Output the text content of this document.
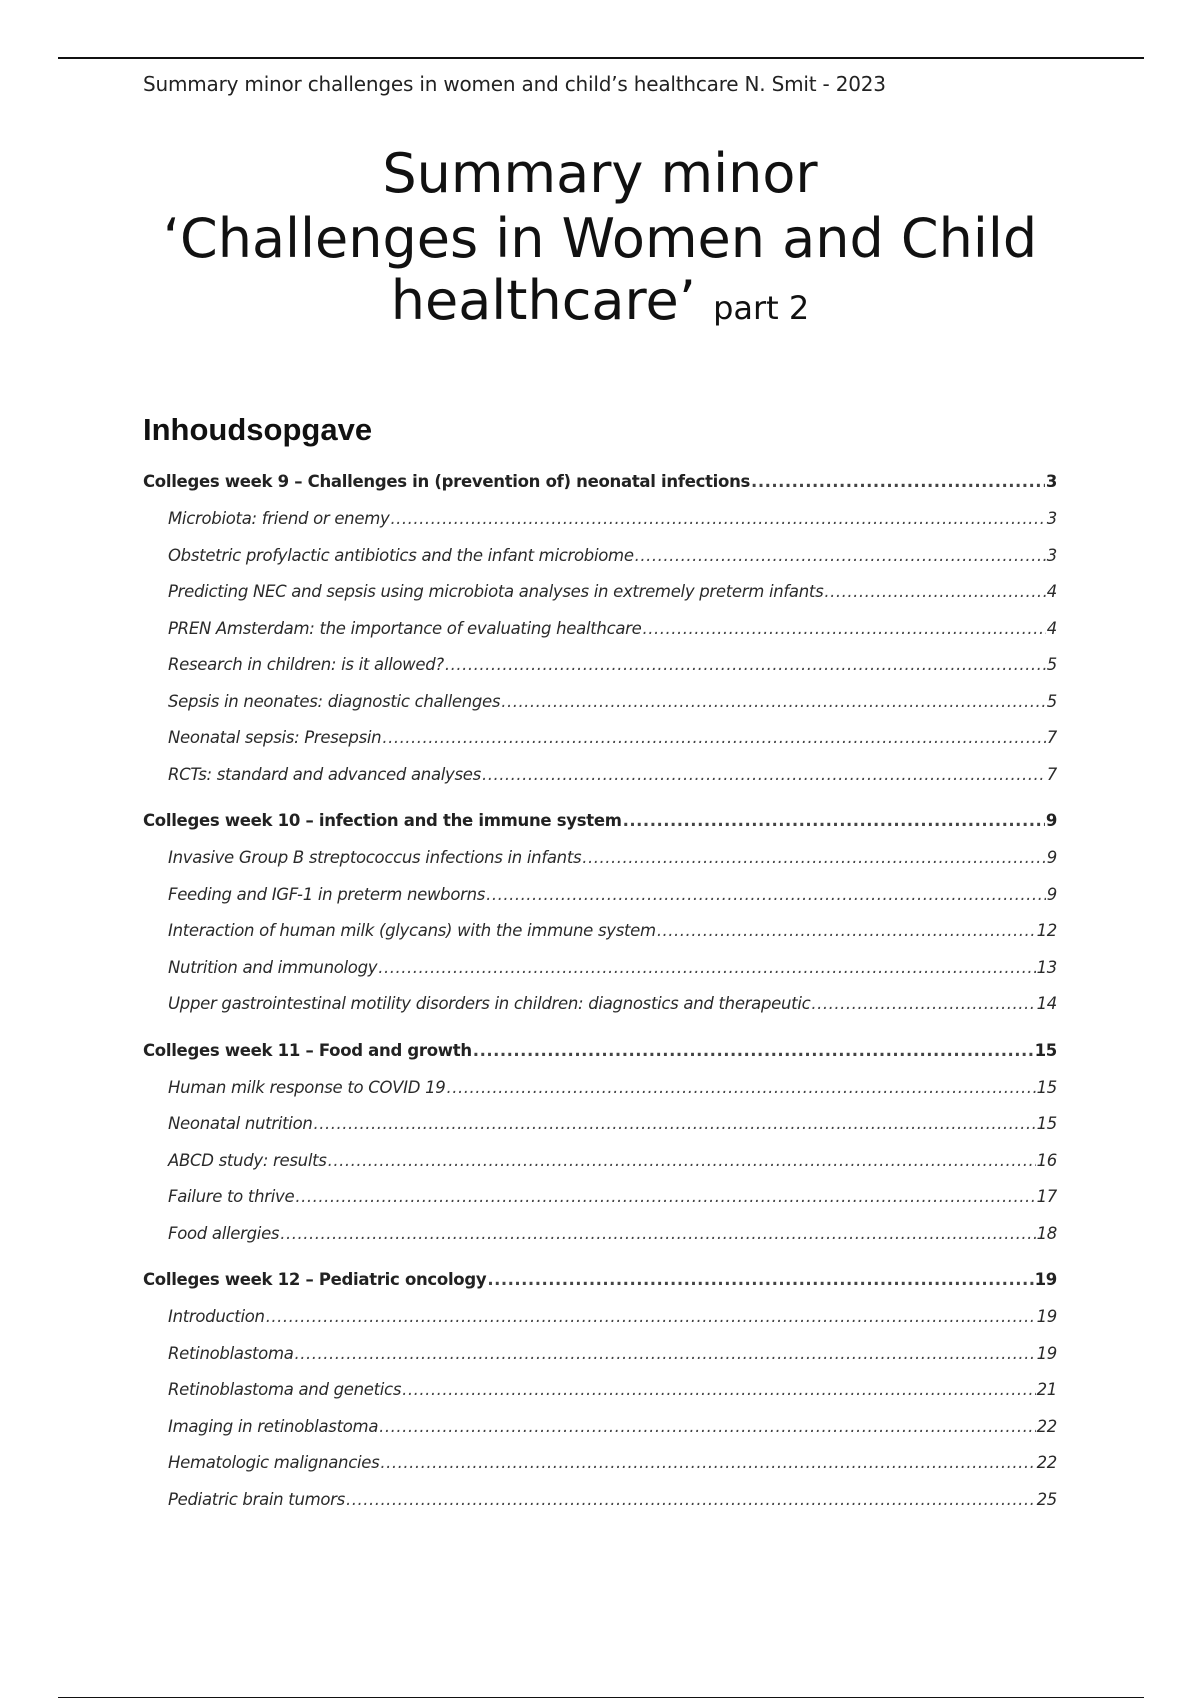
Summary minor challenges in women and child’s healthcare N. Smit - 2023
Summary minor
‘Challenges in Women and Child
healthcare’ part 2
Inhoudsopgave
Colleges week 9 – Challenges in (prevention of) neonatal infections .....	3
Microbiota: friend or enemy .....	3
Obstetric profylactic antibiotics and the infant microbiome .....	3
Predicting NEC and sepsis using microbiota analyses in extremely preterm infants .....	4
PREN Amsterdam: the importance of evaluating healthcare .....	4
Research in children: is it allowed? .....	5
Sepsis in neonates: diagnostic challenges .....	5
Neonatal sepsis: Presepsin .....	7
RCTs: standard and advanced analyses .....	7
Colleges week 10 – infection and the immune system .....	9
Invasive Group B streptococcus infections in infants .....	9
Feeding and IGF-1 in preterm newborns .....	9
Interaction of human milk (glycans) with the immune system .....	12
Nutrition and immunology .....	13
Upper gastrointestinal motility disorders in children: diagnostics and therapeutic .....	14
Colleges week 11 – Food and growth .....	15
Human milk response to COVID 19 .....	15
Neonatal nutrition .....	15
ABCD study: results .....	16
Failure to thrive .....	17
Food allergies .....	18
Colleges week 12 – Pediatric oncology .....	19
Introduction .....	19
Retinoblastoma .....	19
Retinoblastoma and genetics .....	21
Imaging in retinoblastoma .....	22
Hematologic malignancies .....	22
Pediatric brain tumors .....	25
